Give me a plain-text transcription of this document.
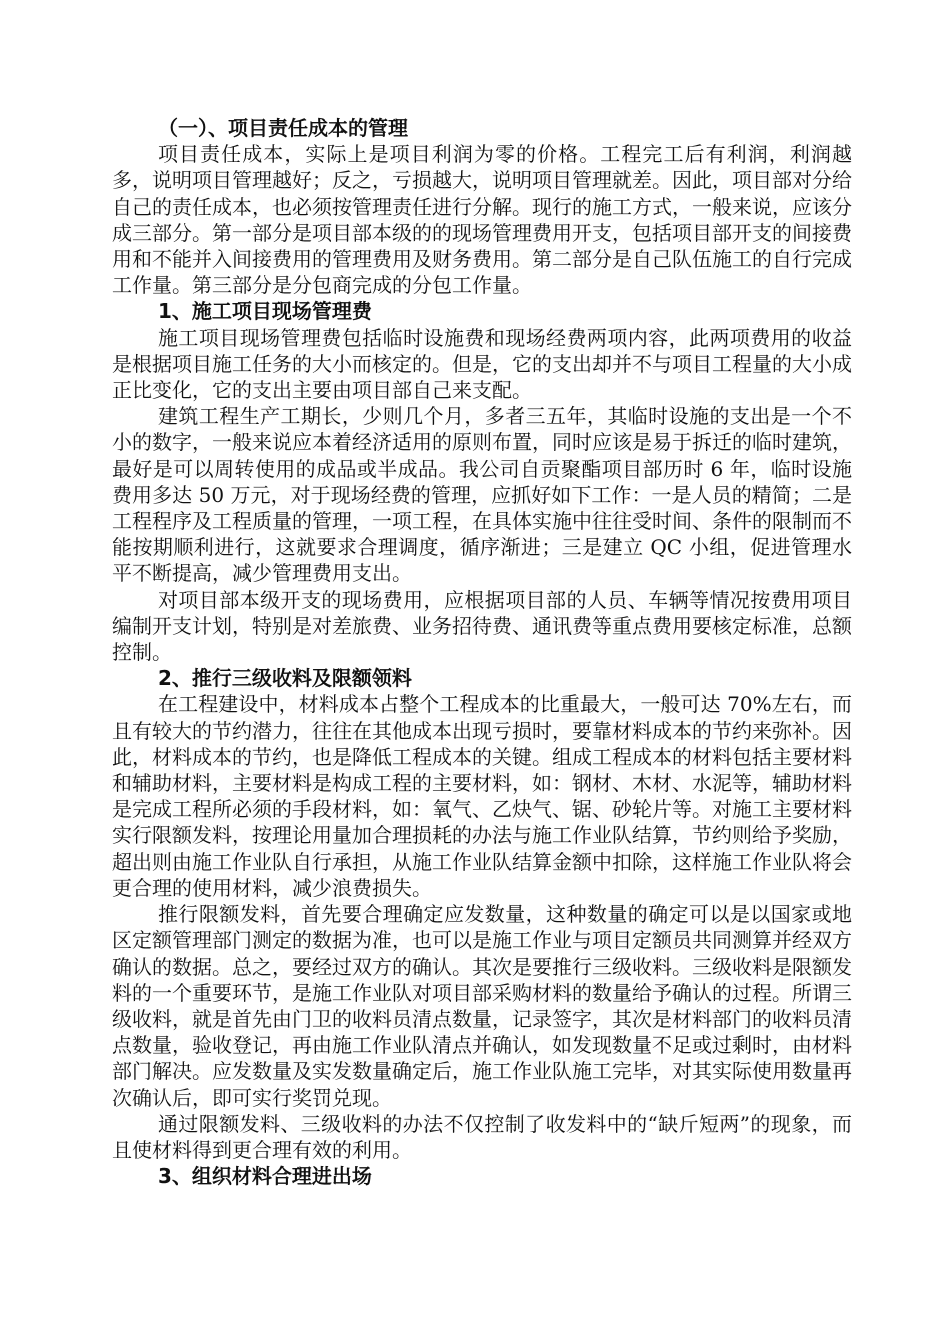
（一）、项目责任成本的管理

项目责任成本，实际上是项目利润为零的价格。工程完工后有利润，利润越多，说明项目管理越好；反之，亏损越大，说明项目管理就差。因此，项目部对分给自己的责任成本，也必须按管理责任进行分解。现行的施工方式，一般来说，应该分成三部分。第一部分是项目部本级的的现场管理费用开支，包括项目部开支的间接费用和不能并入间接费用的管理费用及财务费用。第二部分是自己队伍施工的自行完成工作量。第三部分是分包商完成的分包工作量。

1、施工项目现场管理费

施工项目现场管理费包括临时设施费和现场经费两项内容，此两项费用的收益是根据项目施工任务的大小而核定的。但是，它的支出却并不与项目工程量的大小成正比变化，它的支出主要由项目部自己来支配。

建筑工程生产工期长，少则几个月，多者三五年，其临时设施的支出是一个不小的数字，一般来说应本着经济适用的原则布置，同时应该是易于拆迁的临时建筑，最好是可以周转使用的成品或半成品。我公司自贡聚酯项目部历时 6 年，临时设施费用多达 50 万元，对于现场经费的管理，应抓好如下工作：一是人员的精简；二是工程程序及工程质量的管理，一项工程，在具体实施中往往受时间、条件的限制而不能按期顺利进行，这就要求合理调度，循序渐进；三是建立 QC 小组，促进管理水平不断提高，减少管理费用支出。

对项目部本级开支的现场费用，应根据项目部的人员、车辆等情况按费用项目编制开支计划，特别是对差旅费、业务招待费、通讯费等重点费用要核定标准，总额控制。

2、推行三级收料及限额领料

在工程建设中，材料成本占整个工程成本的比重最大，一般可达 70%左右，而且有较大的节约潜力，往往在其他成本出现亏损时，要靠材料成本的节约来弥补。因此，材料成本的节约，也是降低工程成本的关键。组成工程成本的材料包括主要材料和辅助材料，主要材料是构成工程的主要材料，如：钢材、木材、水泥等，辅助材料是完成工程所必须的手段材料，如：氧气、乙炔气、锯、砂轮片等。对施工主要材料实行限额发料，按理论用量加合理损耗的办法与施工作业队结算，节约则给予奖励，超出则由施工作业队自行承担，从施工作业队结算金额中扣除，这样施工作业队将会更合理的使用材料，减少浪费损失。

推行限额发料，首先要合理确定应发数量，这种数量的确定可以是以国家或地区定额管理部门测定的数据为准，也可以是施工作业与项目定额员共同测算并经双方确认的数据。总之，要经过双方的确认。其次是要推行三级收料。三级收料是限额发料的一个重要环节，是施工作业队对项目部采购材料的数量给予确认的过程。所谓三级收料，就是首先由门卫的收料员清点数量，记录签字，其次是材料部门的收料员清点数量，验收登记，再由施工作业队清点并确认，如发现数量不足或过剩时，由材料部门解决。应发数量及实发数量确定后，施工作业队施工完毕，对其实际使用数量再次确认后，即可实行奖罚兑现。

通过限额发料、三级收料的办法不仅控制了收发料中的“缺斤短两”的现象，而且使材料得到更合理有效的利用。

3、组织材料合理进出场
